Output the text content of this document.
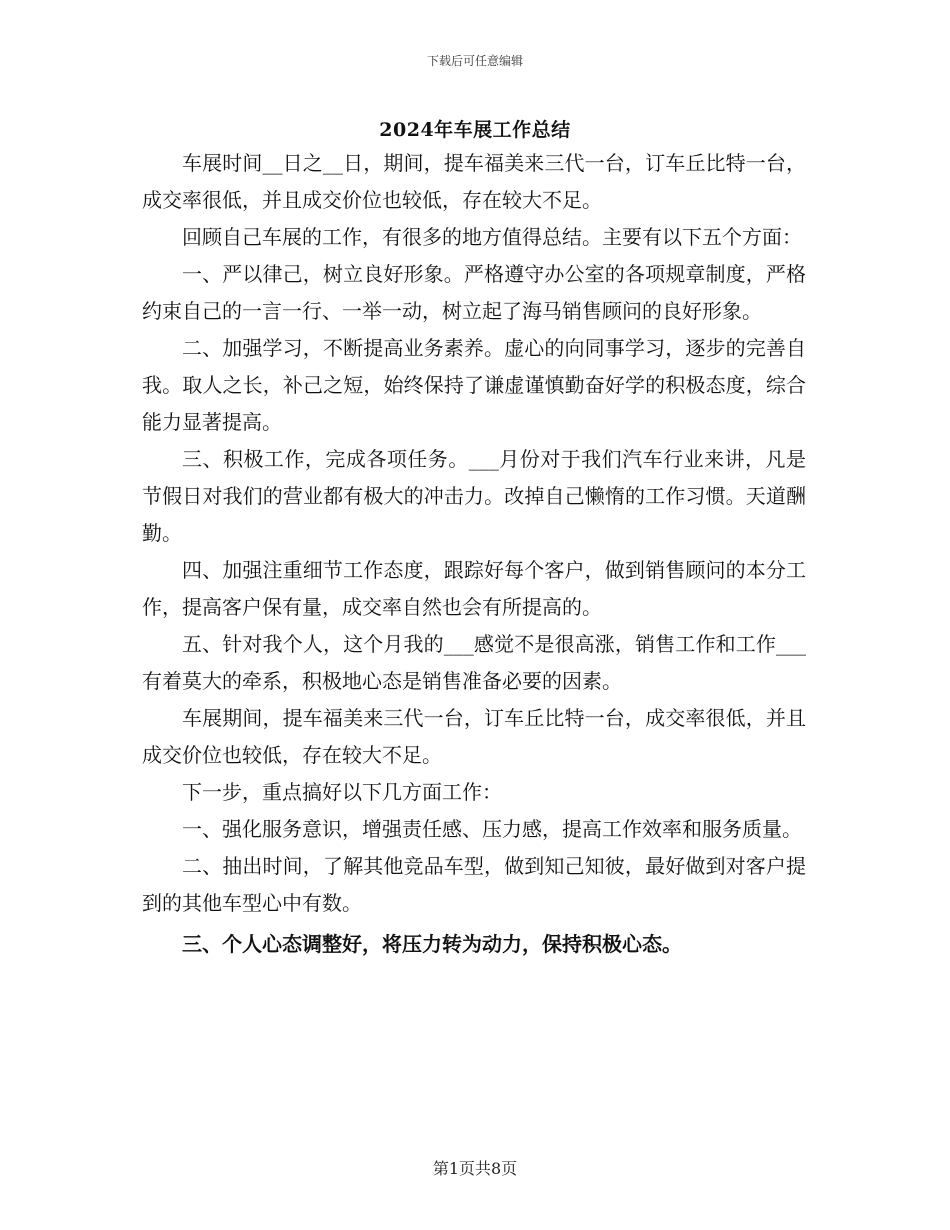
下载后可任意编辑
2024年车展工作总结

车展时间__日之__日，期间，提车福美来三代一台，订车丘比特一台，成交率很低，并且成交价位也较低，存在较大不足。

回顾自己车展的工作，有很多的地方值得总结。主要有以下五个方面：

一、严以律己，树立良好形象。严格遵守办公室的各项规章制度，严格约束自己的一言一行、一举一动，树立起了海马销售顾问的良好形象。

二、加强学习，不断提高业务素养。虚心的向同事学习，逐步的完善自我。取人之长，补己之短，始终保持了谦虚谨慎勤奋好学的积极态度，综合能力显著提高。

三、积极工作，完成各项任务。___月份对于我们汽车行业来讲，凡是节假日对我们的营业都有极大的冲击力。改掉自己懒惰的工作习惯。天道酬勤。

四、加强注重细节工作态度，跟踪好每个客户，做到销售顾问的本分工作，提高客户保有量，成交率自然也会有所提高的。

五、针对我个人，这个月我的___感觉不是很高涨，销售工作和工作___有着莫大的牵系，积极地心态是销售准备必要的因素。

车展期间，提车福美来三代一台，订车丘比特一台，成交率很低，并且成交价位也较低，存在较大不足。

下一步，重点搞好以下几方面工作：

一、强化服务意识，增强责任感、压力感，提高工作效率和服务质量。

二、抽出时间，了解其他竞品车型，做到知己知彼，最好做到对客户提到的其他车型心中有数。

三、个人心态调整好，将压力转为动力，保持积极心态。

第1页共8页
